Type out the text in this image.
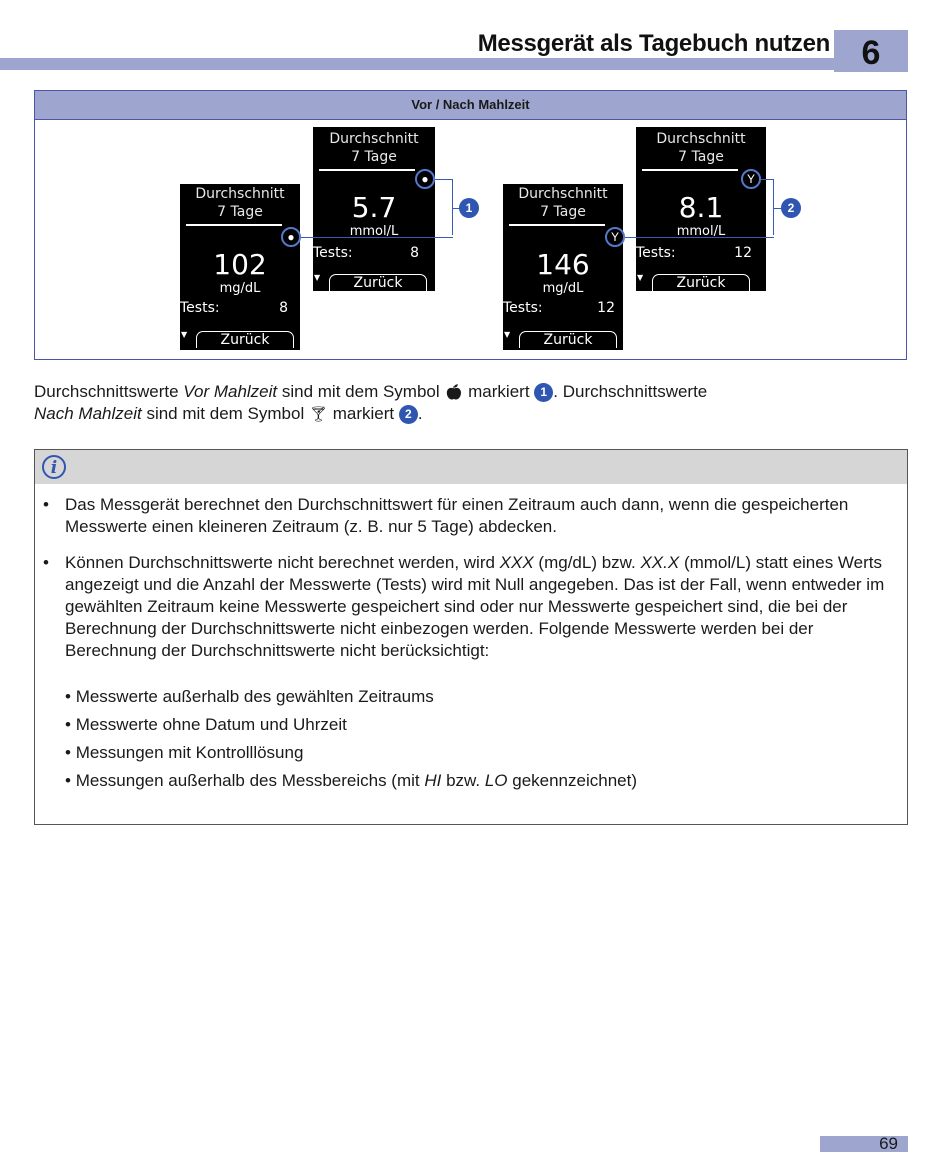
Messgerät als Tagebuch nutzen 6
Vor / Nach Mahlzeit
Durchschnitt
7 Tage
102
mg/dL
Tests:	8
▼	Zurück
●
Durchschnitt
7 Tage
5.7
mmol/L
Tests:	8
▼	Zurück
●
1
Durchschnitt
7 Tage
146
mg/dL
Tests:	12
▼	Zurück
Y
Durchschnitt
7 Tage
8.1
mmol/L
Tests:	12
▼	Zurück
Y
2
Durchschnittswerte Vor Mahlzeit sind mit dem Symbol 🍎︎ markiert 1 . Durchschnittswerte
Nach Mahlzeit sind mit dem Symbol 🍸︎ markiert 2 .
i
• Das Messgerät berechnet den Durchschnittswert für einen Zeitraum auch dann, wenn die gespeicherten Messwerte einen kleineren Zeitraum (z. B. nur 5 Tage) abdecken.
• Können Durchschnittswerte nicht berechnet werden, wird XXX (mg/dL) bzw. XX.X (mmol/L) statt eines Werts angezeigt und die Anzahl der Messwerte (Tests) wird mit Null angegeben. Das ist der Fall, wenn entweder im gewählten Zeitraum keine Messwerte gespeichert sind oder nur Messwerte gespeichert sind, die bei der Berechnung der Durchschnittswerte nicht einbezogen werden. Folgende Messwerte werden bei der Berechnung der Durchschnittswerte nicht berücksichtigt:
• Messwerte außerhalb des gewählten Zeitraums
• Messwerte ohne Datum und Uhrzeit
• Messungen mit Kontrolllösung
• Messungen außerhalb des Messbereichs (mit HI bzw. LO gekennzeichnet)
69
